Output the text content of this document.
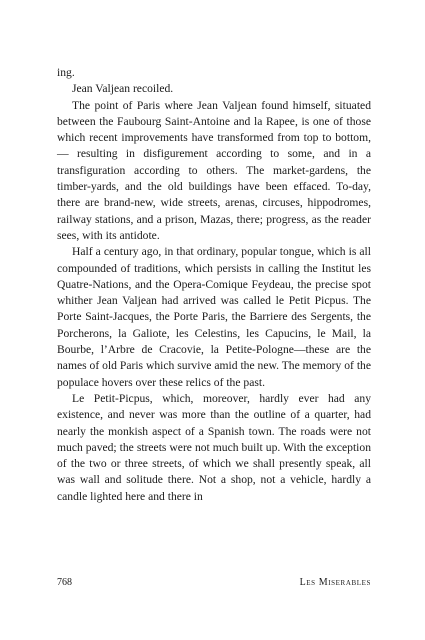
ing.

Jean Valjean recoiled.

The point of Paris where Jean Valjean found himself, situated between the Faubourg Saint-Antoine and la Rapee, is one of those which recent improvements have transformed from top to bottom,— resulting in disfigurement according to some, and in a transfiguration according to others. The market-gardens, the timber-yards, and the old buildings have been effaced. To-day, there are brand-new, wide streets, arenas, circuses, hippodromes, railway stations, and a prison, Mazas, there; progress, as the reader sees, with its antidote.

Half a century ago, in that ordinary, popular tongue, which is all compounded of traditions, which persists in calling the Institut les Quatre-Nations, and the Opera-Comique Feydeau, the precise spot whither Jean Valjean had arrived was called le Petit Picpus. The Porte Saint-Jacques, the Porte Paris, the Barriere des Sergents, the Porcherons, la Galiote, les Celestins, les Capucins, le Mail, la Bourbe, l’Arbre de Cracovie, la Petite-Pologne—these are the names of old Paris which survive amid the new. The memory of the populace hovers over these relics of the past.

Le Petit-Picpus, which, moreover, hardly ever had any existence, and never was more than the outline of a quarter, had nearly the monkish aspect of a Spanish town. The roads were not much paved; the streets were not much built up. With the exception of the two or three streets, of which we shall presently speak, all was wall and solitude there. Not a shop, not a vehicle, hardly a candle lighted here and there in

768	Les Miserables
